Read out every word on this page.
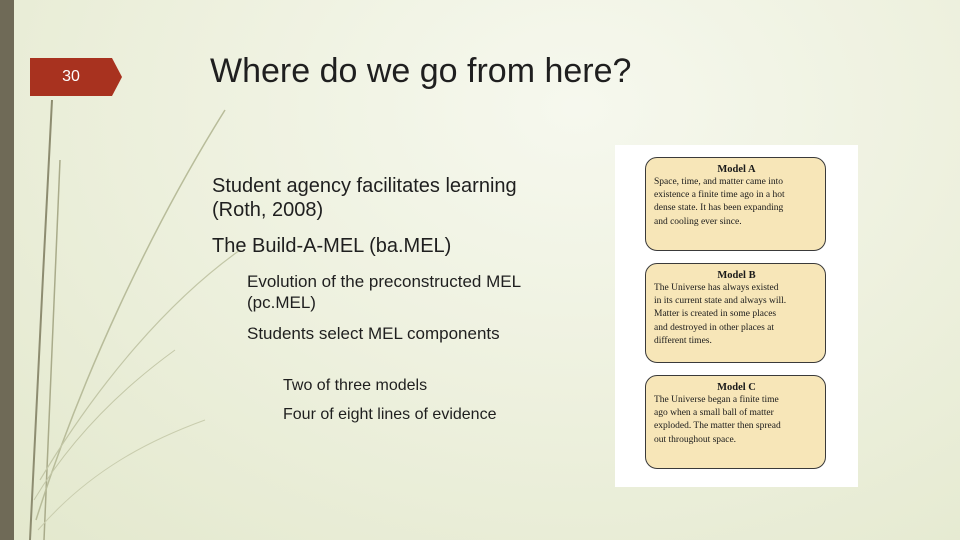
30	Where do we go from here?
Student agency facilitates learning (Roth, 2008)
The Build-A-MEL (ba.MEL)
Evolution of the preconstructed MEL (pc.MEL)
Students select MEL components
Two of three models
Four of eight lines of evidence
Model A
Space, time, and matter came into
existence a finite time ago in a hot
dense state. It has been expanding
and cooling ever since.
Model B
The Universe has always existed
in its current state and always will.
Matter is created in some places
and destroyed in other places at
different times.
Model C
The Universe began a finite time
ago when a small ball of matter
exploded. The matter then spread
out throughout space.
